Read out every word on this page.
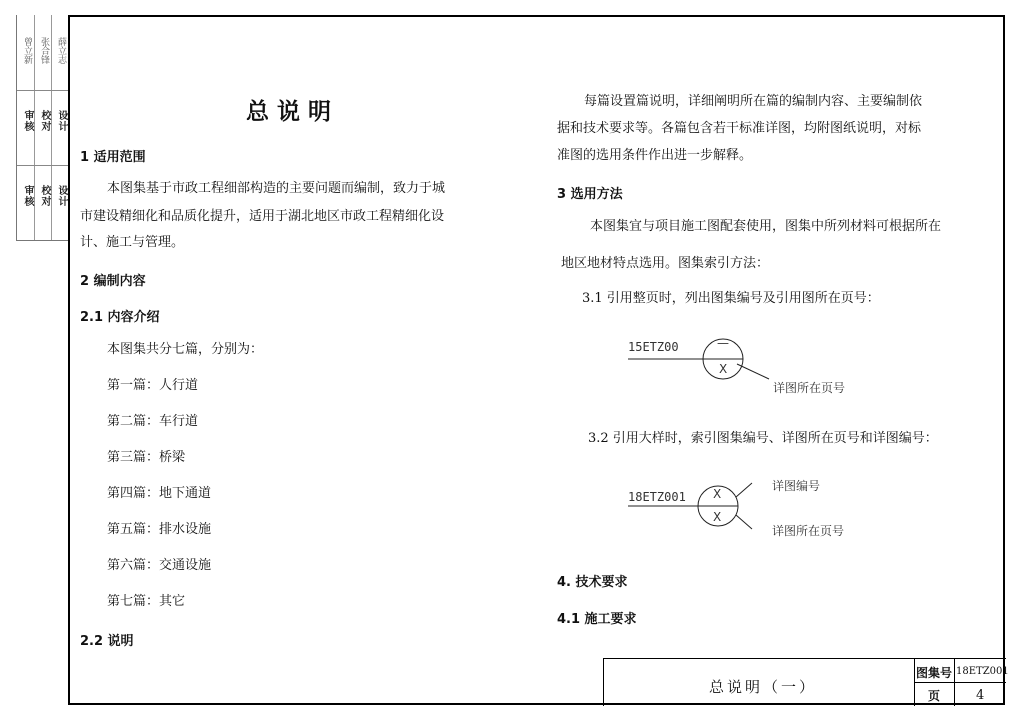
曾立新 张合锋 薛立志
审核 校对 设计
审核 校对 设计
总说明
1 适用范围
本图集基于市政工程细部构造的主要问题而编制，致力于城
市建设精细化和品质化提升，适用于湖北地区市政工程精细化设
计、施工与管理。
2 编制内容
2.1 内容介绍
本图集共分七篇，分别为：
第一篇：人行道
第二篇：车行道
第三篇：桥梁
第四篇：地下通道
第五篇：排水设施
第六篇：交通设施
第七篇：其它
2.2 说明
每篇设置篇说明，详细阐明所在篇的编制内容、主要编制依
据和技术要求等。各篇包含若干标准详图，均附图纸说明，对标
准图的选用条件作出进一步解释。
3 选用方法
本图集宜与项目施工图配套使用，图集中所列材料可根据所在
地区地材特点选用。图集索引方法：
3.1 引用整页时，列出图集编号及引用图所在页号：
15ETZ00	—
X
详图所在页号
3.2 引用大样时，索引图集编号、详图所在页号和详图编号：
18ETZ001 X
X
详图编号
详图所在页号
4. 技术要求
4.1 施工要求
总说明（一）
图集号 18ETZ001
页	4
